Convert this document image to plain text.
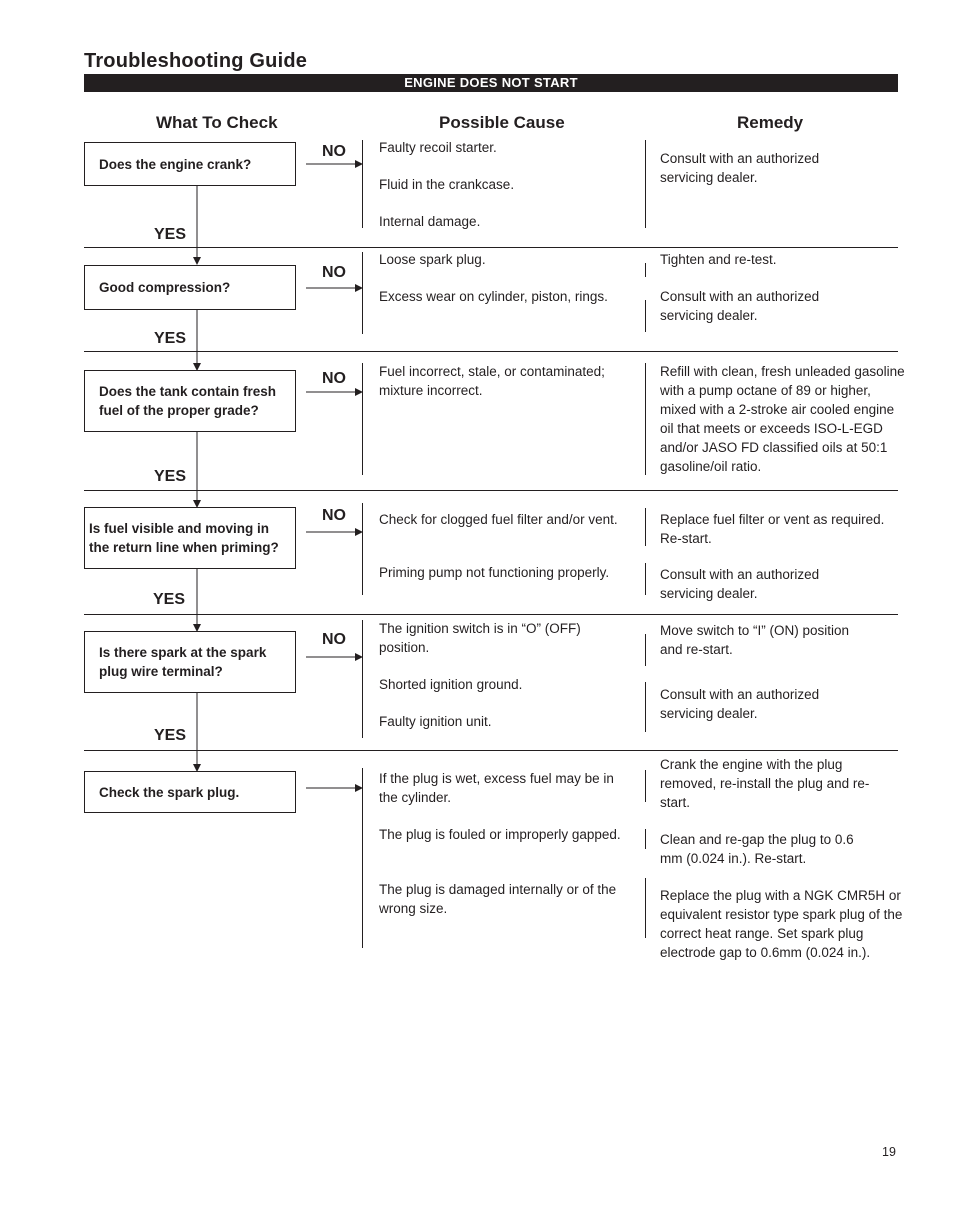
Troubleshooting Guide
ENGINE DOES NOT START
What To Check	Possible Cause	Remedy
Does the engine crank?
Good compression?
Does the tank contain fresh fuel of the proper grade?
Is fuel visible and moving in the return line when priming?
Is there spark at the spark plug wire terminal?
Check the spark plug.
NO
NO
NO
NO
NO
YES
YES
YES
YES
YES
Faulty recoil starter.
Fluid in the crankcase.
Internal damage.
Loose spark plug.
Excess wear on cylinder, piston, rings.
Fuel incorrect, stale, or contaminated; mixture incorrect.
Check for clogged fuel filter and/or vent.
Priming pump not functioning properly.
The ignition switch is in “O” (OFF) position.
Shorted ignition ground.
Faulty ignition unit.
If the plug is wet, excess fuel may be in the cylinder.
The plug is fouled or improperly gapped.
The plug is damaged internally or of the wrong size.
Consult with an authorized servicing dealer.
Tighten and re-test.
Consult with an authorized servicing dealer.
Refill with clean, fresh unleaded gasoline with a pump octane of 89 or higher, mixed with a 2-stroke air cooled engine oil that meets or exceeds ISO-L-EGD and/or JASO FD classified oils at 50:1 gasoline/oil ratio.
Replace fuel filter or vent as required. Re-start.
Consult with an authorized servicing dealer.
Move switch to “I” (ON) position and re-start.
Consult with an authorized servicing dealer.
Crank the engine with the plug removed, re-install the plug and re-start.
Clean and re-gap the plug to 0.6 mm (0.024 in.). Re-start.
Replace the plug with a NGK CMR5H or equivalent resistor type spark plug of the correct heat range. Set spark plug electrode gap to 0.6mm (0.024 in.).
19
